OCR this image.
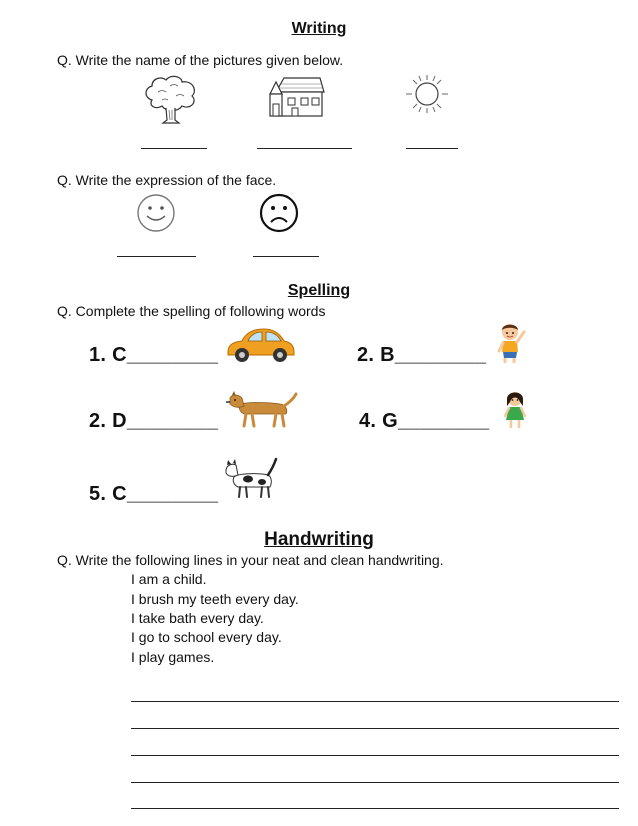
Writing
Q. Write the name of the pictures given below.
Q. Write the expression of the face.
Spelling
Q. Complete the spelling of following words
1. C________	2. B________
2. D________	4. G________
5. C________
Handwriting
Q. Write the following lines in your neat and clean handwriting.
I am a child.
I brush my teeth every day.
I take bath every day.
I go to school every day.
I play games.
